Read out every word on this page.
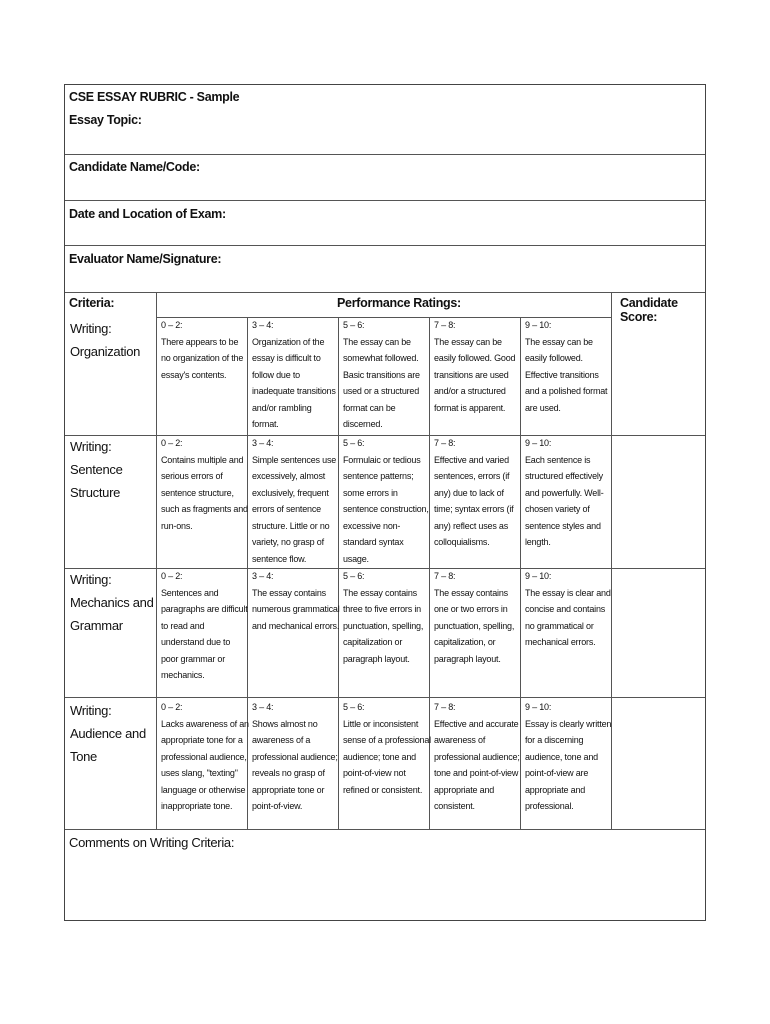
CSE ESSAY RUBRIC - Sample
Essay Topic:
Candidate Name/Code:
Date and Location of Exam:
Evaluator Name/Signature:
Criteria:	Performance Ratings:	Candidate Score:
Writing:
Organization
0 – 2:
There appears to be no organization of the essay's contents.
3 – 4:
Organization of the essay is difficult to follow due to inadequate transitions and/or rambling format.
5 – 6:
The essay can be somewhat followed. Basic transitions are used or a structured format can be discerned.
7 – 8:
The essay can be easily followed. Good transitions are used and/or a structured format is apparent.
9 – 10:
The essay can be easily followed. Effective transitions and a polished format are used.
Writing:
Sentence
Structure
0 – 2:
Contains multiple and serious errors of sentence structure, such as fragments and run-ons.
3 – 4:
Simple sentences use excessively, almost exclusively, frequent errors of sentence structure. Little or no variety, no grasp of sentence flow.
5 – 6:
Formulaic or tedious sentence patterns; some errors in sentence construction, excessive non-standard syntax usage.
7 – 8:
Effective and varied sentences, errors (if any) due to lack of time; syntax errors (if any) reflect uses as colloquialisms.
9 – 10:
Each sentence is structured effectively and powerfully. Well-chosen variety of sentence styles and length.
Writing:
Mechanics and
Grammar
0 – 2:
Sentences and paragraphs are difficult to read and understand due to poor grammar or mechanics.
3 – 4:
The essay contains numerous grammatical and mechanical errors.
5 – 6:
The essay contains three to five errors in punctuation, spelling, capitalization or paragraph layout.
7 – 8:
The essay contains one or two errors in punctuation, spelling, capitalization, or paragraph layout.
9 – 10:
The essay is clear and concise and contains no grammatical or mechanical errors.
Writing:
Audience and
Tone
0 – 2:
Lacks awareness of an appropriate tone for a professional audience, uses slang, "texting" language or otherwise inappropriate tone.
3 – 4:
Shows almost no awareness of a professional audience; reveals no grasp of appropriate tone or point-of-view.
5 – 6:
Little or inconsistent sense of a professional audience; tone and point-of-view not refined or consistent.
7 – 8:
Effective and accurate awareness of professional audience; tone and point-of-view appropriate and consistent.
9 – 10:
Essay is clearly written for a discerning audience, tone and point-of-view are appropriate and professional.
Comments on Writing Criteria:
